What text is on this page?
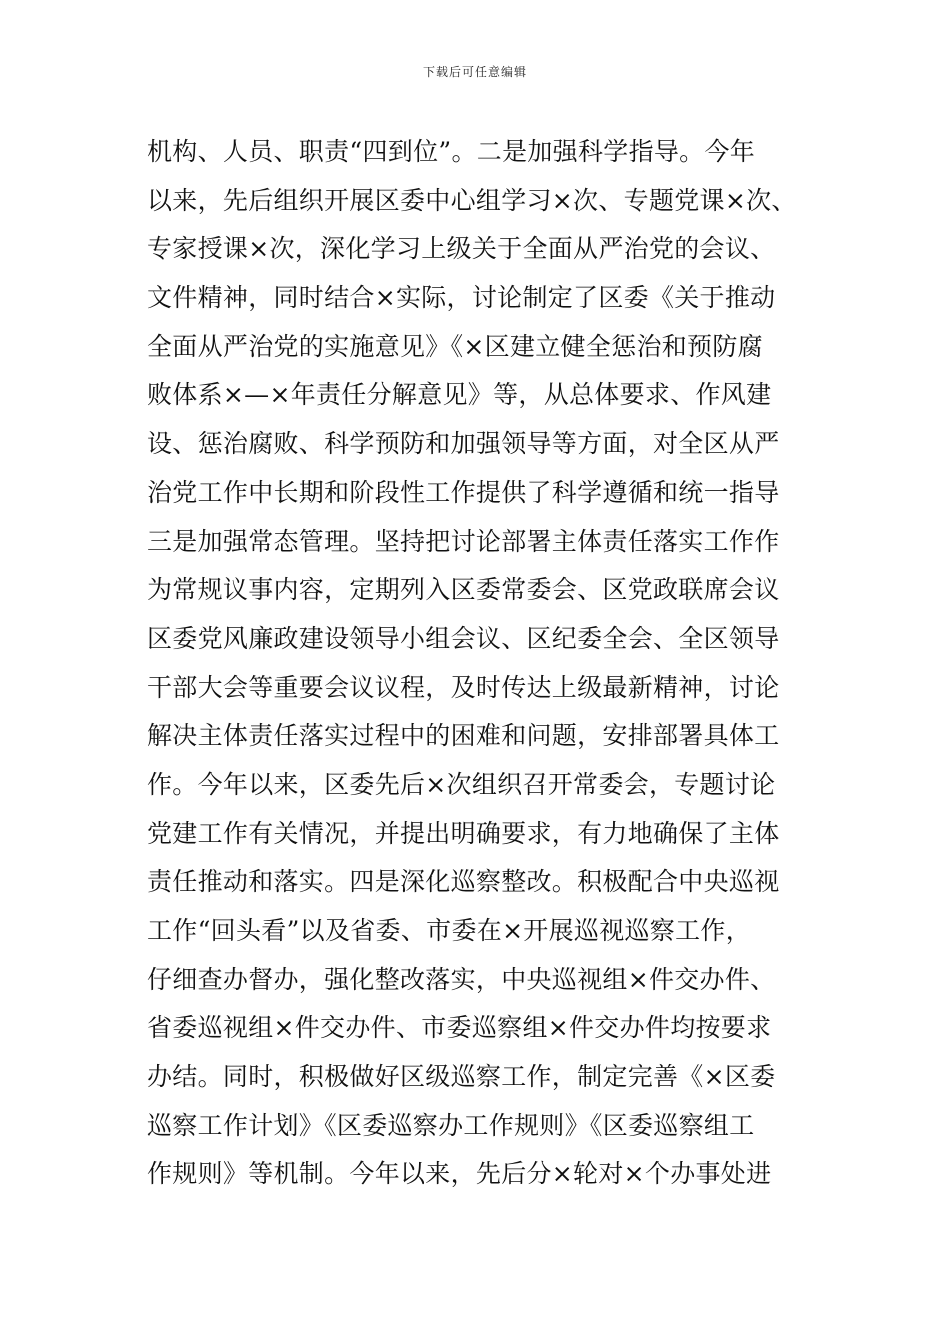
下载后可任意编辑
机构、人员、职责“四到位”。二是加强科学指导。今年
以来，先后组织开展区委中心组学习×次、专题党课×次、
专家授课×次，深化学习上级关于全面从严治党的会议、
文件精神，同时结合×实际，讨论制定了区委《关于推动
全面从严治党的实施意见》《×区建立健全惩治和预防腐
败体系×—×年责任分解意见》等，从总体要求、作风建
设、惩治腐败、科学预防和加强领导等方面，对全区从严
治党工作中长期和阶段性工作提供了科学遵循和统一指导
三是加强常态管理。坚持把讨论部署主体责任落实工作作
为常规议事内容，定期列入区委常委会、区党政联席会议
区委党风廉政建设领导小组会议、区纪委全会、全区领导
干部大会等重要会议议程，及时传达上级最新精神，讨论
解决主体责任落实过程中的困难和问题，安排部署具体工
作。今年以来，区委先后×次组织召开常委会，专题讨论
党建工作有关情况，并提出明确要求，有力地确保了主体
责任推动和落实。四是深化巡察整改。积极配合中央巡视
工作“回头看”以及省委、市委在×开展巡视巡察工作，
仔细查办督办，强化整改落实，中央巡视组×件交办件、
省委巡视组×件交办件、市委巡察组×件交办件均按要求
办结。同时，积极做好区级巡察工作，制定完善《×区委
巡察工作计划》《区委巡察办工作规则》《区委巡察组工
作规则》等机制。今年以来，先后分×轮对×个办事处进
